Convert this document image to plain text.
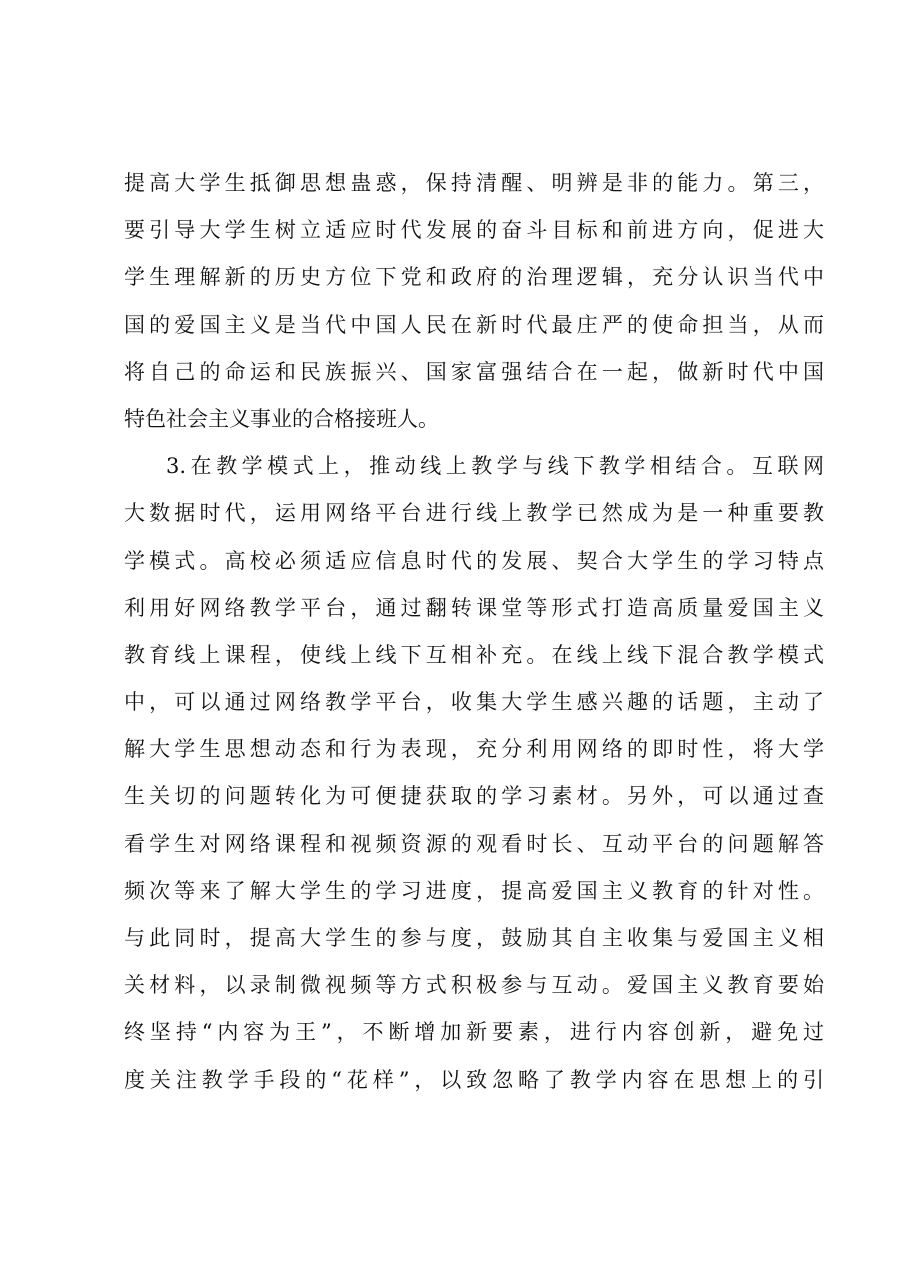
提高大学生抵御思想蛊惑，保持清醒、明辨是非的能力。第三，
要引导大学生树立适应时代发展的奋斗目标和前进方向，促进大
学生理解新的历史方位下党和政府的治理逻辑，充分认识当代中
国的爱国主义是当代中国人民在新时代最庄严的使命担当，从而
将自己的命运和民族振兴、国家富强结合在一起，做新时代中国
特色社会主义事业的合格接班人。
3.在教学模式上，推动线上教学与线下教学相结合。互联网
大数据时代，运用网络平台进行线上教学已然成为是一种重要教
学模式。高校必须适应信息时代的发展、契合大学生的学习特点
利用好网络教学平台，通过翻转课堂等形式打造高质量爱国主义
教育线上课程，使线上线下互相补充。在线上线下混合教学模式
中，可以通过网络教学平台，收集大学生感兴趣的话题，主动了
解大学生思想动态和行为表现，充分利用网络的即时性，将大学
生关切的问题转化为可便捷获取的学习素材。另外，可以通过查
看学生对网络课程和视频资源的观看时长、互动平台的问题解答
频次等来了解大学生的学习进度，提高爱国主义教育的针对性。
与此同时，提高大学生的参与度，鼓励其自主收集与爱国主义相
关材料，以录制微视频等方式积极参与互动。爱国主义教育要始
终坚持“内容为王”，不断增加新要素，进行内容创新，避免过
度关注教学手段的“花样”，以致忽略了教学内容在思想上的引
